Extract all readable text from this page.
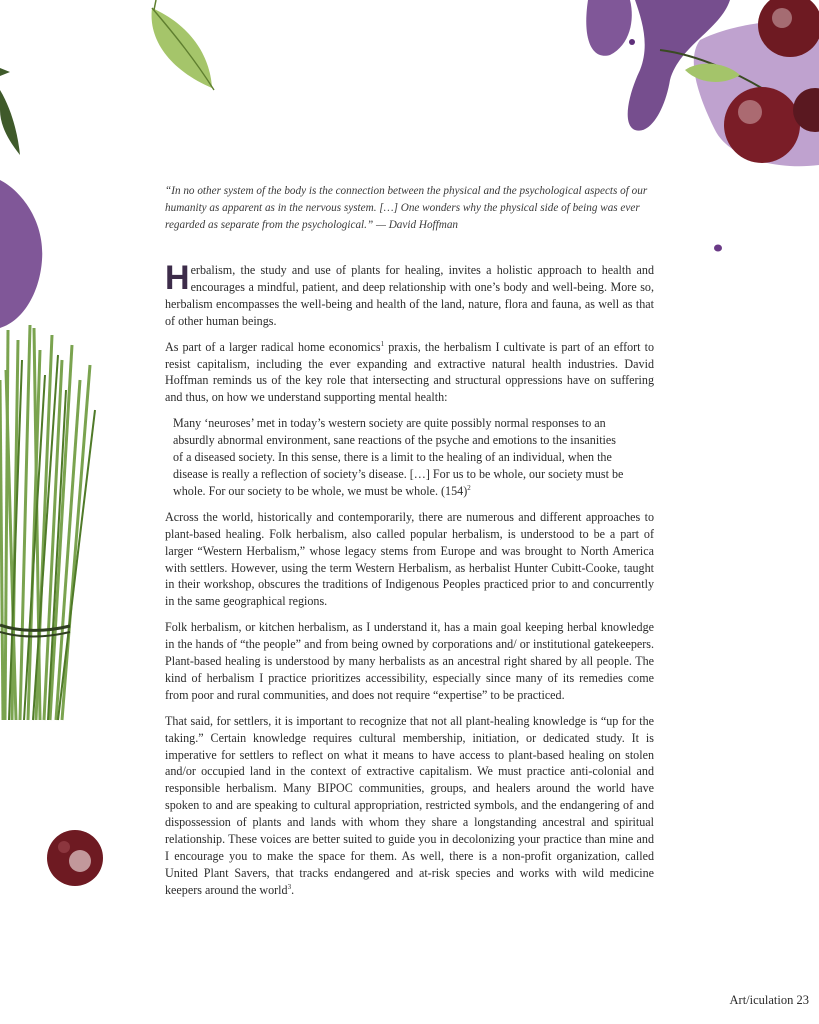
“In no other system of the body is the connection between the physical and the psychological aspects of our humanity as apparent as in the nervous system. […] One wonders why the physical side of being was ever regarded as separate from the psychological.” — David Hoffman

Herbalism, the study and use of plants for healing, invites a holistic approach to health and encourages a mindful, patient, and deep relationship with one’s body and well-being. More so, herbalism encompasses the well-being and health of the land, nature, flora and fauna, as well as that of other human beings.

As part of a larger radical home economics$^1$ praxis, the herbalism I cultivate is part of an effort to resist capitalism, including the ever expanding and extractive natural health industries. David Hoffman reminds us of the key role that intersecting and structural oppressions have on suffering and thus, on how we understand supporting mental health:

Many ‘neuroses’ met in today’s western society are quite possibly normal responses to an absurdly abnormal environment, sane reactions of the psyche and emotions to the insanities of a diseased society. In this sense, there is a limit to the healing of an individual, when the disease is really a reflection of society’s disease. […] For us to be whole, our society must be whole. For our society to be whole, we must be whole. $(154)^2$

Across the world, historically and contemporarily, there are numerous and different approaches to plant-based healing. Folk herbalism, also called popular herbalism, is understood to be a part of larger “Western Herbalism,” whose legacy stems from Europe and was brought to North America with settlers. However, using the term Western Herbalism, as herbalist Hunter Cubitt-Cooke, taught in their workshop, obscures the traditions of Indigenous Peoples practiced prior to and concurrently in the same geographical regions.

Folk herbalism, or kitchen herbalism, as I understand it, has a main goal keeping herbal knowledge in the hands of “the people” and from being owned by corporations and/ or institutional gatekeepers. Plant-based healing is understood by many herbalists as an ancestral right shared by all people. The kind of herbalism I practice prioritizes accessibility, especially since many of its remedies come from poor and rural communities, and does not require “expertise” to be practiced.

That said, for settlers, it is important to recognize that not all plant-healing knowledge is “up for the taking.” Certain knowledge requires cultural membership, initiation, or dedicated study. It is imperative for settlers to reflect on what it means to have access to plant-based healing on stolen and/or occupied land in the context of extractive capitalism. We must practice anti-colonial and responsible herbalism. Many BIPOC communities, groups, and healers around the world have spoken to and are speaking to cultural appropriation, restricted symbols, and the endangering of and dispossession of plants and lands with whom they share a longstanding ancestral and spiritual relationship. These voices are better suited to guide you in decolonizing your practice than mine and I encourage you to make the space for them. As well, there is a non-profit organization, called United Plant Savers, that tracks endangered and at-risk species and works with wild medicine keepers around the world$^3$.

Art/iculation 23
